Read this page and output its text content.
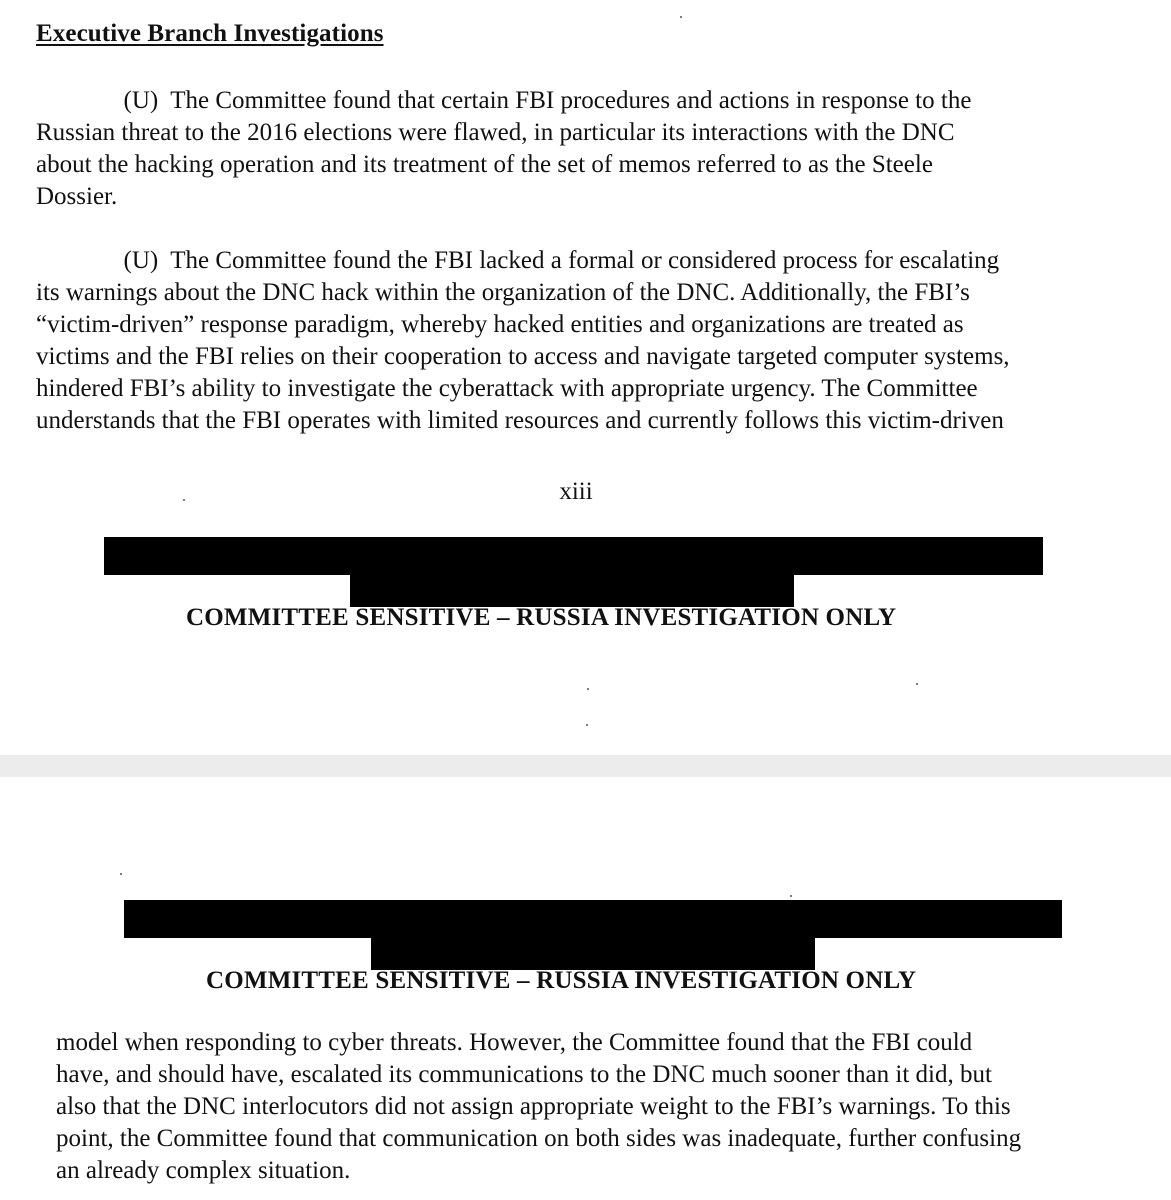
Executive Branch Investigations

(U)  The Committee found that certain FBI procedures and actions in response to the
Russian threat to the 2016 elections were flawed, in particular its interactions with the DNC
about the hacking operation and its treatment of the set of memos referred to as the Steele
Dossier.

(U)  The Committee found the FBI lacked a formal or considered process for escalating
its warnings about the DNC hack within the organization of the DNC. Additionally, the FBI’s
“victim-driven” response paradigm, whereby hacked entities and organizations are treated as
victims and the FBI relies on their cooperation to access and navigate targeted computer systems,
hindered FBI’s ability to investigate the cyberattack with appropriate urgency. The Committee
understands that the FBI operates with limited resources and currently follows this victim-driven

xiii
COMMITTEE SENSITIVE – RUSSIA INVESTIGATION ONLY
COMMITTEE SENSITIVE – RUSSIA INVESTIGATION ONLY

model when responding to cyber threats. However, the Committee found that the FBI could
have, and should have, escalated its communications to the DNC much sooner than it did, but
also that the DNC interlocutors did not assign appropriate weight to the FBI’s warnings. To this
point, the Committee found that communication on both sides was inadequate, further confusing
an already complex situation.
